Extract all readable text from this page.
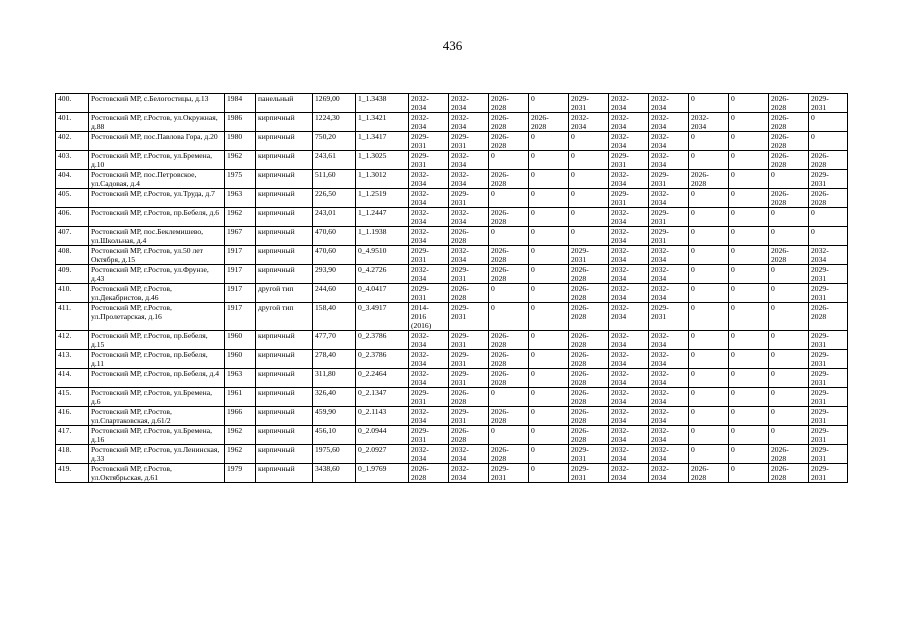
436
400.	Ростовский МР, с.Белогостицы, д.13	1984	панельный	1269,00	1_1.3438	2032-
2034	2032-
2034	2026-
2028	0	2029-
2031	2032-
2034	2032-
2034	0	0	2026-
2028	2029-
2031
401.	Ростовский МР, г.Ростов, ул.Окружная, д.88	1986	кирпичный	1224,30	1_1.3421	2032-
2034	2032-
2034	2026-
2028	2026-
2028	2032-
2034	2032-
2034	2032-
2034	2032-
2034	0	2026-
2028	0
402.	Ростовский МР, пос.Павлова Гора, д.20	1980	кирпичный	750,20	1_1.3417	2029-
2031	2029-
2031	2026-
2028	0	0	2032-
2034	2032-
2034	0	0	2026-
2028	0
403.	Ростовский МР, г.Ростов, ул.Бремена, д.10	1962	кирпичный	243,61	1_1.3025	2029-
2031	2032-
2034	0	0	0	2029-
2031	2032-
2034	0	0	2026-
2028	2026-
2028
404.	Ростовский МР, пос.Петровское, ул.Садовая, д.4	1975	кирпичный	511,60	1_1.3012	2032-
2034	2032-
2034	2026-
2028	0	0	2032-
2034	2029-
2031	2026-
2028	0	0	2029-
2031
405.	Ростовский МР, г.Ростов, ул.Труда, д.7	1963	кирпичный	226,50	1_1.2519	2032-
2034	2029-
2031	0	0	0	2029-
2031	2032-
2034	0	0	2026-
2028	2026-
2028
406.	Ростовский МР, г.Ростов, пр.Бебеля, д.6	1962	кирпичный	243,01	1_1.2447	2032-
2034	2032-
2034	2026-
2028	0	0	2032-
2034	2029-
2031	0	0	0	0
407.	Ростовский МР, пос.Беклемишево, ул.Школьная, д.4	1967	кирпичный	470,60	1_1.1938	2032-
2034	2026-
2028	0	0	0	2032-
2034	2029-
2031	0	0	0	0
408.	Ростовский МР, г.Ростов, ул.50 лет Октября, д.15	1917	кирпичный	470,60	0_4.9510	2029-
2031	2032-
2034	2026-
2028	0	2029-
2031	2032-
2034	2032-
2034	0	0	2026-
2028	2032-
2034
409.	Ростовский МР, г.Ростов, ул.Фрунзе, д.43	1917	кирпичный	293,90	0_4.2726	2032-
2034	2029-
2031	2026-
2028	0	2026-
2028	2032-
2034	2032-
2034	0	0	0	2029-
2031
410.	Ростовский МР, г.Ростов, ул.Декабристов, д.46	1917	другой тип	244,60	0_4.0417	2029-
2031	2026-
2028	0	0	2026-
2028	2032-
2034	2032-
2034	0	0	0	2029-
2031
411.	Ростовский МР, г.Ростов, ул.Пролетарская, д.16	1917	другой тип	158,40	0_3.4917	2014-
2016
(2016)	2029-
2031	0	0	2026-
2028	2032-
2034	2029-
2031	0	0	0	2026-
2028
412.	Ростовский МР, г.Ростов, пр.Бебеля, д.15	1960	кирпичный	477,70	0_2.3786	2032-
2034	2029-
2031	2026-
2028	0	2026-
2028	2032-
2034	2032-
2034	0	0	0	2029-
2031
413.	Ростовский МР, г.Ростов, пр.Бебеля, д.11	1960	кирпичный	278,40	0_2.3786	2032-
2034	2029-
2031	2026-
2028	0	2026-
2028	2032-
2034	2032-
2034	0	0	0	2029-
2031
414.	Ростовский МР, г.Ростов, пр.Бебеля, д.4	1963	кирпичный	311,80	0_2.2464	2032-
2034	2029-
2031	2026-
2028	0	2026-
2028	2032-
2034	2032-
2034	0	0	0	2029-
2031
415.	Ростовский МР, г.Ростов, ул.Бремена, д.6	1961	кирпичный	326,40	0_2.1347	2029-
2031	2026-
2028	0	0	2026-
2028	2032-
2034	2032-
2034	0	0	0	2029-
2031
416.	Ростовский МР, г.Ростов, ул.Спартаковская, д.61/2	1966	кирпичный	459,90	0_2.1143	2032-
2034	2029-
2031	2026-
2028	0	2026-
2028	2032-
2034	2032-
2034	0	0	0	2029-
2031
417.	Ростовский МР, г.Ростов, ул.Бремена, д.16	1962	кирпичный	456,10	0_2.0944	2029-
2031	2026-
2028	0	0	2026-
2028	2032-
2034	2032-
2034	0	0	0	2029-
2031
418.	Ростовский МР, г.Ростов, ул.Ленинская, д.33	1962	кирпичный	1975,60	0_2.0927	2032-
2034	2032-
2034	2026-
2028	0	2029-
2031	2032-
2034	2032-
2034	0	0	2026-
2028	2029-
2031
419.	Ростовский МР, г.Ростов, ул.Октябрьская, д.61	1979	кирпичный	3438,60	0_1.9769	2026-
2028	2032-
2034	2029-
2031	0	2029-
2031	2032-
2034	2032-
2034	2026-
2028	0	2026-
2028	2029-
2031
